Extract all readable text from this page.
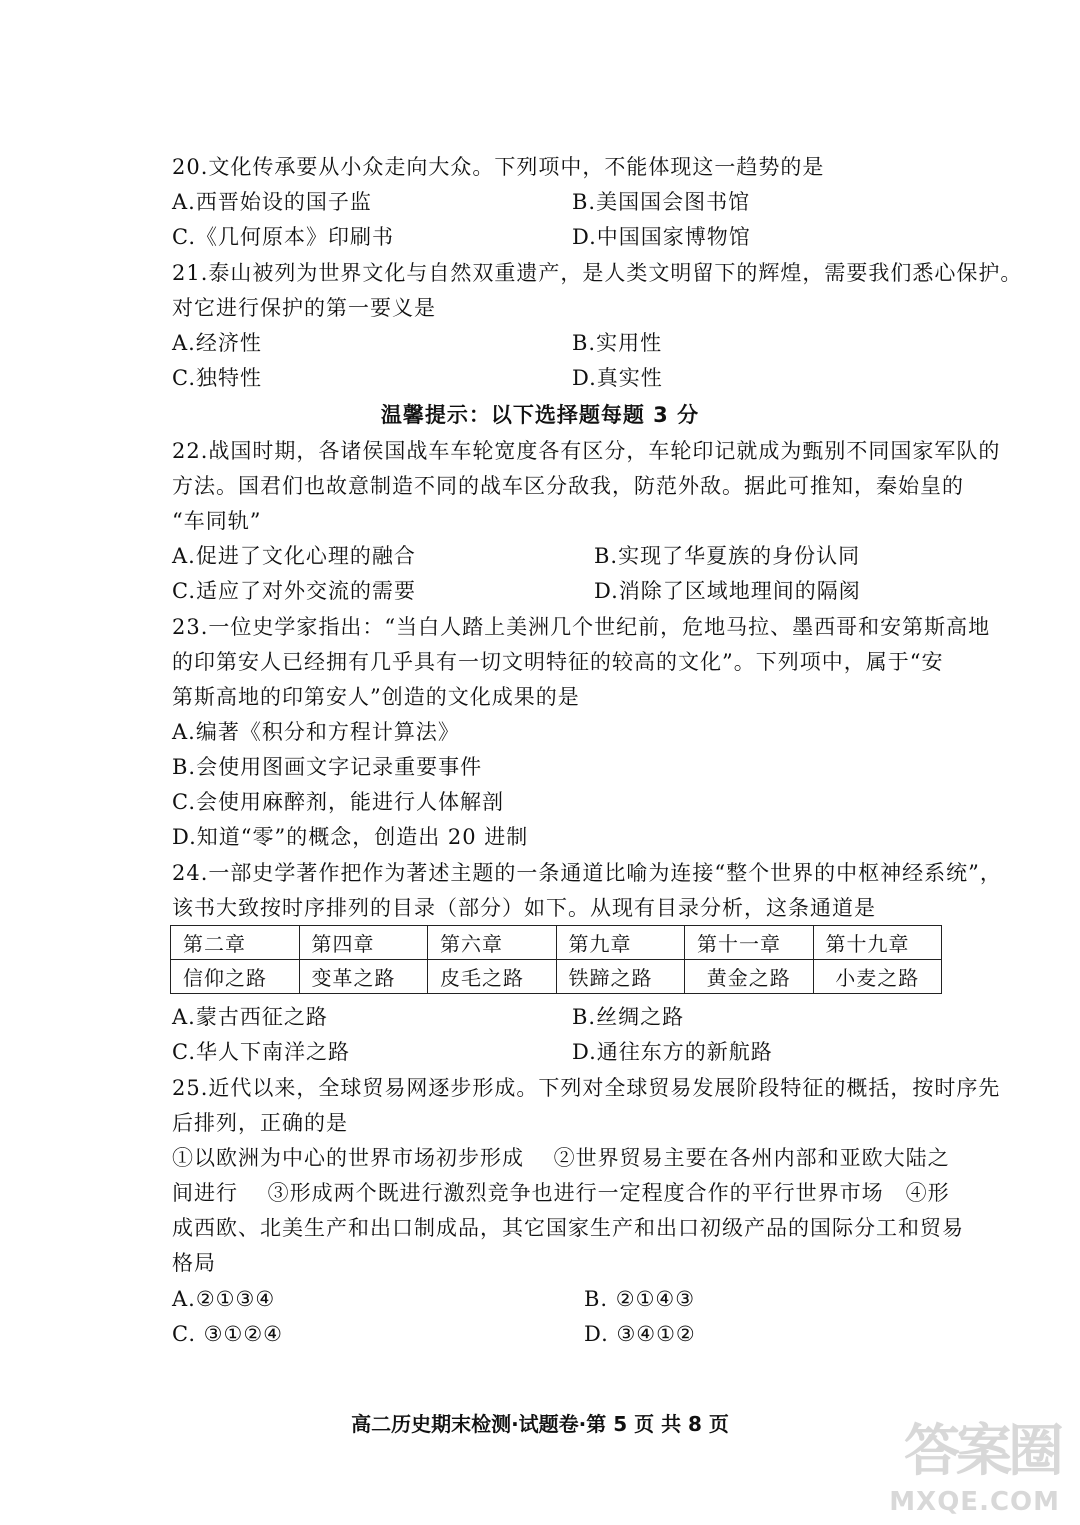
20.文化传承要从小众走向大众。下列项中，不能体现这一趋势的是
A.西晋始设的国子监	B.美国国会图书馆
C.《几何原本》印刷书	D.中国国家博物馆
21.泰山被列为世界文化与自然双重遗产，是人类文明留下的辉煌，需要我们悉心保护。
对它进行保护的第一要义是
A.经济性	B.实用性
C.独特性	D.真实性
温馨提示：以下选择题每题 3 分
22.战国时期，各诸侯国战车车轮宽度各有区分，车轮印记就成为甄别不同国家军队的
方法。国君们也故意制造不同的战车区分敌我，防范外敌。据此可推知，秦始皇的
“车同轨”
A.促进了文化心理的融合	B.实现了华夏族的身份认同
C.适应了对外交流的需要	D.消除了区域地理间的隔阂
23.一位史学家指出：“当白人踏上美洲几个世纪前，危地马拉、墨西哥和安第斯高地
的印第安人已经拥有几乎具有一切文明特征的较高的文化”。下列项中，属于“安
第斯高地的印第安人”创造的文化成果的是
A.编著《积分和方程计算法》
B.会使用图画文字记录重要事件
C.会使用麻醉剂，能进行人体解剖
D.知道“零”的概念，创造出 20 进制
24.一部史学著作把作为著述主题的一条通道比喻为连接“整个世界的中枢神经系统”，
该书大致按时序排列的目录（部分）如下。从现有目录分析，这条通道是
第二章	第四章	第六章	第九章	第十一章	第十九章
信仰之路	变革之路	皮毛之路	铁蹄之路	黄金之路	小麦之路
A.蒙古西征之路	B.丝绸之路
C.华人下南洋之路	D.通往东方的新航路
25.近代以来，全球贸易网逐步形成。下列对全球贸易发展阶段特征的概括，按时序先
后排列，正确的是
①以欧洲为中心的世界市场初步形成　 ②世界贸易主要在各州内部和亚欧大陆之
间进行　 ③形成两个既进行激烈竞争也进行一定程度合作的平行世界市场　④形
成西欧、北美生产和出口制成品，其它国家生产和出口初级产品的国际分工和贸易
格局
A.②①③④	B. ②①④③
C. ③①②④	D. ③④①②
高二历史期末检测·试题卷·第 5 页 共 8 页	答案圈
MXQE.COM
